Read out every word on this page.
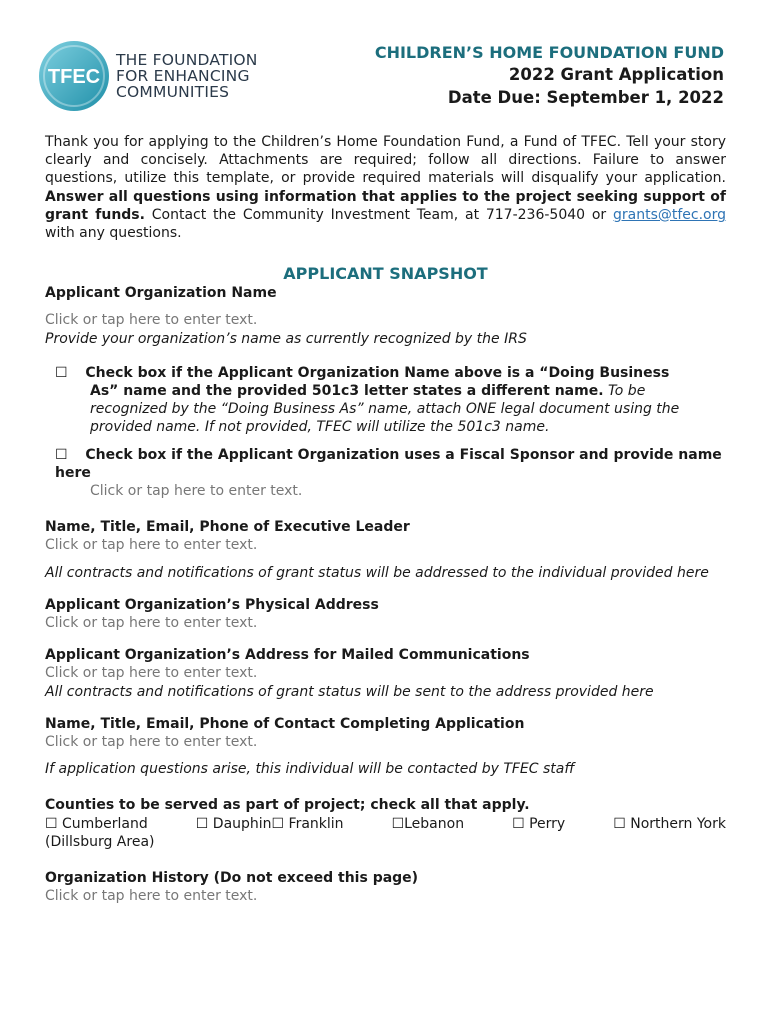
TFEC
THE FOUNDATION
FOR ENHANCING
COMMUNITIES
CHILDREN’S HOME FOUNDATION FUND
2022 Grant Application
Date Due: September 1, 2022

Thank you for applying to the Children’s Home Foundation Fund, a Fund of TFEC. Tell your story clearly and concisely. Attachments are required; follow all directions. Failure to answer questions, utilize this template, or provide required materials will disqualify your application. Answer all questions using information that applies to the project seeking support of grant funds. Contact the Community Investment Team, at 717-236-5040 or grants@tfec.org with any questions.

APPLICANT SNAPSHOT

Applicant Organization Name

Click or tap here to enter text.

Provide your organization’s name as currently recognized by the IRS

☐ Check box if the Applicant Organization Name above is a “Doing Business As” name and the provided 501c3 letter states a different name. To be recognized by the “Doing Business As” name, attach ONE legal document using the provided name. If not provided, TFEC will utilize the 501c3 name.

☐ Check box if the Applicant Organization uses a Fiscal Sponsor and provide name here

Click or tap here to enter text.

Name, Title, Email, Phone of Executive Leader

Click or tap here to enter text.

All contracts and notifications of grant status will be addressed to the individual provided here

Applicant Organization’s Physical Address

Click or tap here to enter text.

Applicant Organization’s Address for Mailed Communications

Click or tap here to enter text.

All contracts and notifications of grant status will be sent to the address provided here

Name, Title, Email, Phone of Contact Completing Application

Click or tap here to enter text.

If application questions arise, this individual will be contacted by TFEC staff

Counties to be served as part of project; check all that apply.

☐ Cumberland	☐ Dauphin☐ Franklin	☐Lebanon	☐ Perry	☐ Northern York

(Dillsburg Area)

Organization History (Do not exceed this page)

Click or tap here to enter text.
